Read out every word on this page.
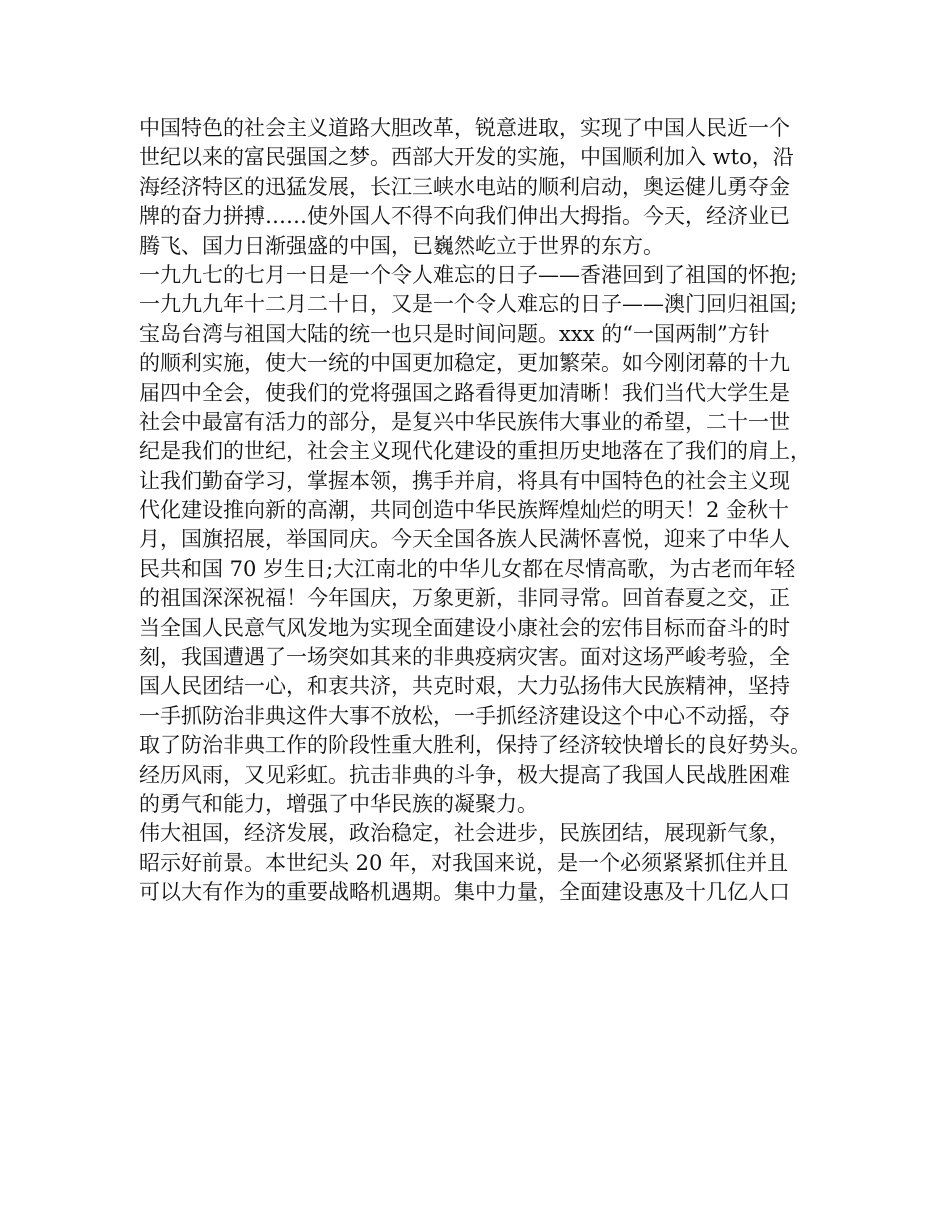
中国特色的社会主义道路大胆改革，锐意进取，实现了中国人民近一个
世纪以来的富民强国之梦。西部大开发的实施，中国顺利加入 wto，沿
海经济特区的迅猛发展，长江三峡水电站的顺利启动，奥运健儿勇夺金
牌的奋力拼搏……使外国人不得不向我们伸出大拇指。今天，经济业已
腾飞、国力日渐强盛的中国，已巍然屹立于世界的东方。
一九九七的七月一日是一个令人难忘的日子——香港回到了祖国的怀抱;
一九九九年十二月二十日，又是一个令人难忘的日子——澳门回归祖国;
宝岛台湾与祖国大陆的统一也只是时间问题。xxx 的“一国两制”方针
的顺利实施，使大一统的中国更加稳定，更加繁荣。如今刚闭幕的十九
届四中全会，使我们的党将强国之路看得更加清晰！我们当代大学生是
社会中最富有活力的部分，是复兴中华民族伟大事业的希望，二十一世
纪是我们的世纪，社会主义现代化建设的重担历史地落在了我们的肩上，
让我们勤奋学习，掌握本领，携手并肩，将具有中国特色的社会主义现
代化建设推向新的高潮，共同创造中华民族辉煌灿烂的明天！2 金秋十
月，国旗招展，举国同庆。今天全国各族人民满怀喜悦，迎来了中华人
民共和国 70 岁生日;大江南北的中华儿女都在尽情高歌，为古老而年轻
的祖国深深祝福！今年国庆，万象更新，非同寻常。回首春夏之交，正
当全国人民意气风发地为实现全面建设小康社会的宏伟目标而奋斗的时
刻，我国遭遇了一场突如其来的非典疫病灾害。面对这场严峻考验，全
国人民团结一心，和衷共济，共克时艰，大力弘扬伟大民族精神，坚持
一手抓防治非典这件大事不放松，一手抓经济建设这个中心不动摇，夺
取了防治非典工作的阶段性重大胜利，保持了经济较快增长的良好势头。
经历风雨，又见彩虹。抗击非典的斗争，极大提高了我国人民战胜困难
的勇气和能力，增强了中华民族的凝聚力。
伟大祖国，经济发展，政治稳定，社会进步，民族团结，展现新气象，
昭示好前景。本世纪头 20 年，对我国来说，是一个必须紧紧抓住并且
可以大有作为的重要战略机遇期。集中力量，全面建设惠及十几亿人口
